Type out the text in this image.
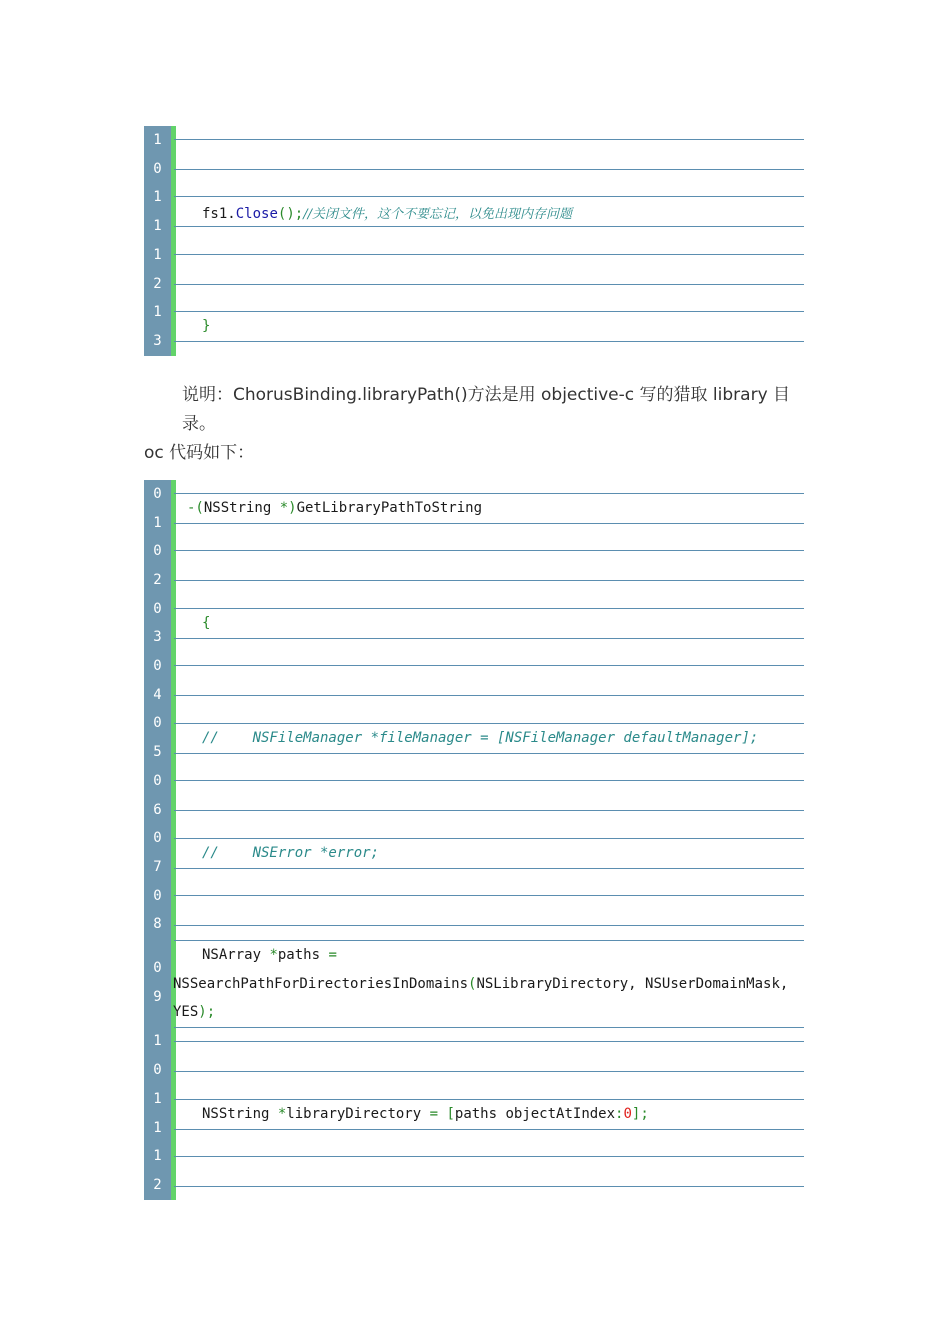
1
0
1
1
1
2
1
3
fs1.Close();//关闭文件，这个不要忘记，以免出现内存问题
}
说明：ChorusBinding.libraryPath()方法是用 objective-c 写的猎取 library 目录。
oc 代码如下：
0
1
0
2
0
3
0
4
0
5
0
6
0
7
0
8
0
9
1
0
1
1
1
2
-(NSString *)GetLibraryPathToString
{
//    NSFileManager *fileManager = [NSFileManager defaultManager];
//    NSError *error;
NSArray *paths =
NSSearchPathForDirectoriesInDomains(NSLibraryDirectory, NSUserDomainMask,
YES);
NSString *libraryDirectory = [paths objectAtIndex:0];
